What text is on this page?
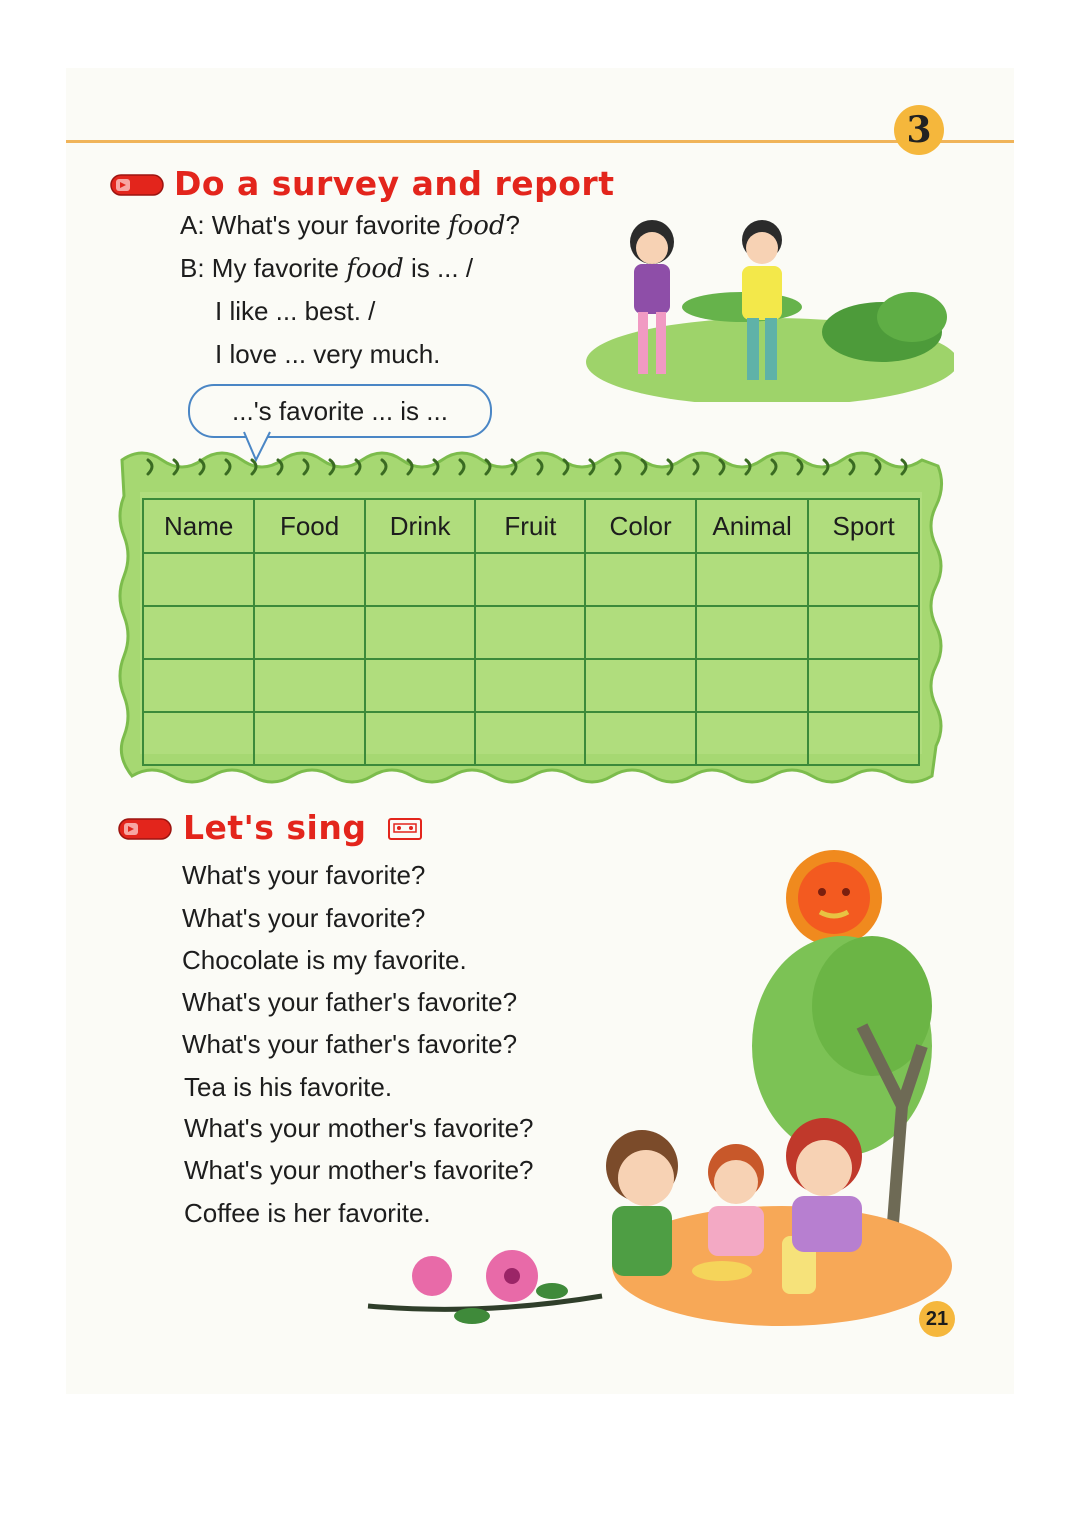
3
Do a survey and report
A: What's your favorite food?
B: My favorite food is ... /
I like ... best. /
I love ... very much.
...'s favorite ... is ...
Name	Food	Drink	Fruit	Color	Animal	Sport

Let's sing
What's your favorite?
What's your favorite?
Chocolate is my favorite.
What's your father's favorite?
What's your father's favorite?
Tea is his favorite.
What's your mother's favorite?
What's your mother's favorite?
Coffee is her favorite.
21
